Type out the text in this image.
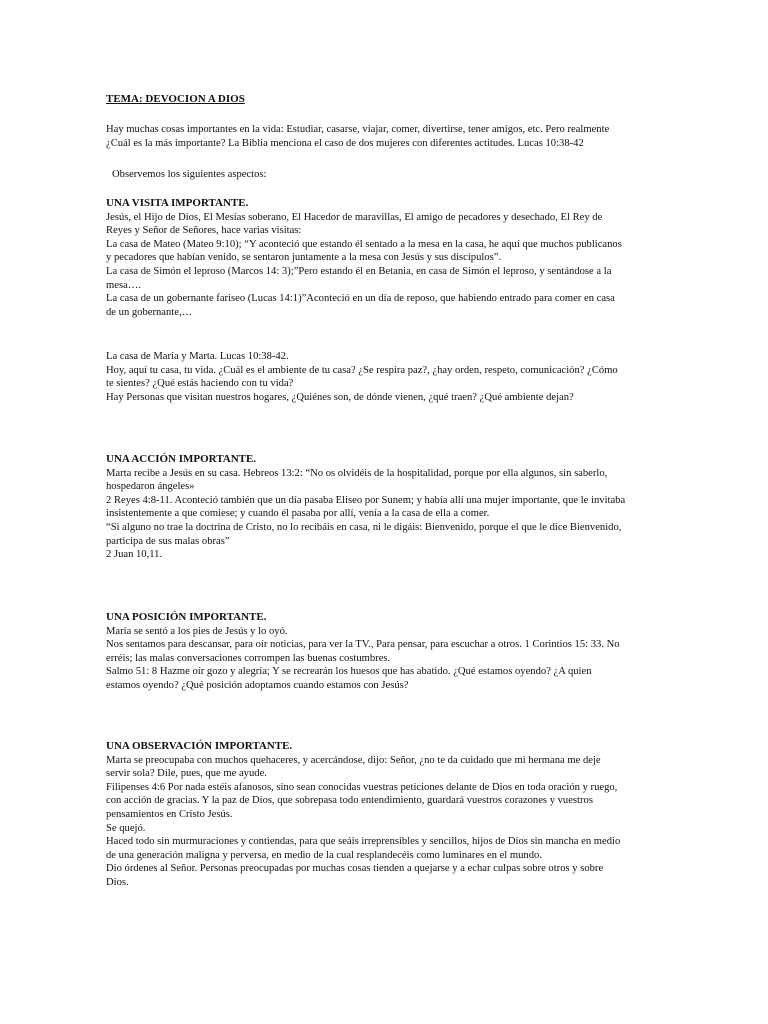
TEMA: DEVOCION A DIOS
Hay muchas cosas importantes en la vida: Estudiar, casarse, viajar, comer, divertirse, tener amigos, etc. Pero realmente
¿Cuál es la más importante? La Biblia menciona el caso de dos mujeres con diferentes actitudes. Lucas 10:38-42
Observemos los siguientes aspectos:
UNA VISITA IMPORTANTE.
Jesús, el Hijo de Dios, El Mesías soberano, El Hacedor de maravillas, El amigo de pecadores y desechado, El Rey de
Reyes y Señor de Señores, hace varias visitas:
La casa de Mateo (Mateo 9:10); “Y aconteció que estando él sentado a la mesa en la casa, he aquí que muchos publicanos
y pecadores que habían venido, se sentaron juntamente a la mesa con Jesús y sus discípulos”.
La casa de Simón el leproso (Marcos 14: 3);”Pero estando él en Betania, en casa de Simón el leproso, y sentándose a la
mesa….
La casa de un gobernante fariseo (Lucas 14:1)”Aconteció en un día de reposo, que habiendo entrado para comer en casa
de un gobernante,…
La casa de María y Marta. Lucas 10:38-42.
Hoy, aquí tu casa, tu vida. ¿Cuál es el ambiente de tu casa? ¿Se respira paz?, ¿hay orden, respeto, comunicación? ¿Cómo
te sientes? ¿Qué estás haciendo con tu vida?
Hay Personas que visitan nuestros hogares, ¿Quiénes son, de dónde vienen, ¿qué traen? ¿Qué ambiente dejan?
UNA ACCIÓN IMPORTANTE.
Marta recibe a Jesús en su casa. Hebreos 13:2: “No os olvidéis de la hospitalidad, porque por ella algunos, sin saberlo,
hospedaron ángeles»
2 Reyes 4:8-11. Aconteció también que un día pasaba Eliseo por Sunem; y había allí una mujer importante, que le invitaba
insistentemente a que comiese; y cuando él pasaba por allí, venía a la casa de ella a comer.
“Si alguno no trae la doctrina de Cristo, no lo recibáis en casa, ni le digáis: Bienvenido, porque el que le dice Bienvenido,
participa de sus malas obras”
2 Juan 10,11.
UNA POSICIÓN IMPORTANTE.
María se sentó a los pies de Jesús y lo oyó.
Nos sentamos para descansar, para oír noticias, para ver la TV., Para pensar, para escuchar a otros. 1 Corintios 15: 33. No
erréis; las malas conversaciones corrompen las buenas costumbres.
Salmo 51: 8 Hazme oír gozo y alegría; Y se recrearán los huesos que has abatido. ¿Qué estamos oyendo? ¿A quien
estamos oyendo? ¿Qué posición adoptamos cuando estamos con Jesús?
UNA OBSERVACIÓN IMPORTANTE.
Marta se preocupaba con muchos quehaceres, y acercándose, dijo: Señor, ¿no te da cuidado que mi hermana me deje
servir sola? Dile, pues, que me ayude.
Filipenses 4:6 Por nada estéis afanosos, sino sean conocidas vuestras peticiones delante de Dios en toda oración y ruego,
con acción de gracias. Y la paz de Dios, que sobrepasa todo entendimiento, guardará vuestros corazones y vuestros
pensamientos en Cristo Jesús.
Se quejó.
Haced todo sin murmuraciones y contiendas, para que seáis irreprensibles y sencillos, hijos de Dios sin mancha en medio
de una generación maligna y perversa, en medio de la cual resplandecéis como luminares en el mundo.
Dio órdenes al Señor. Personas preocupadas por muchas cosas tienden a quejarse y a echar culpas sobre otros y sobre
Dios.
